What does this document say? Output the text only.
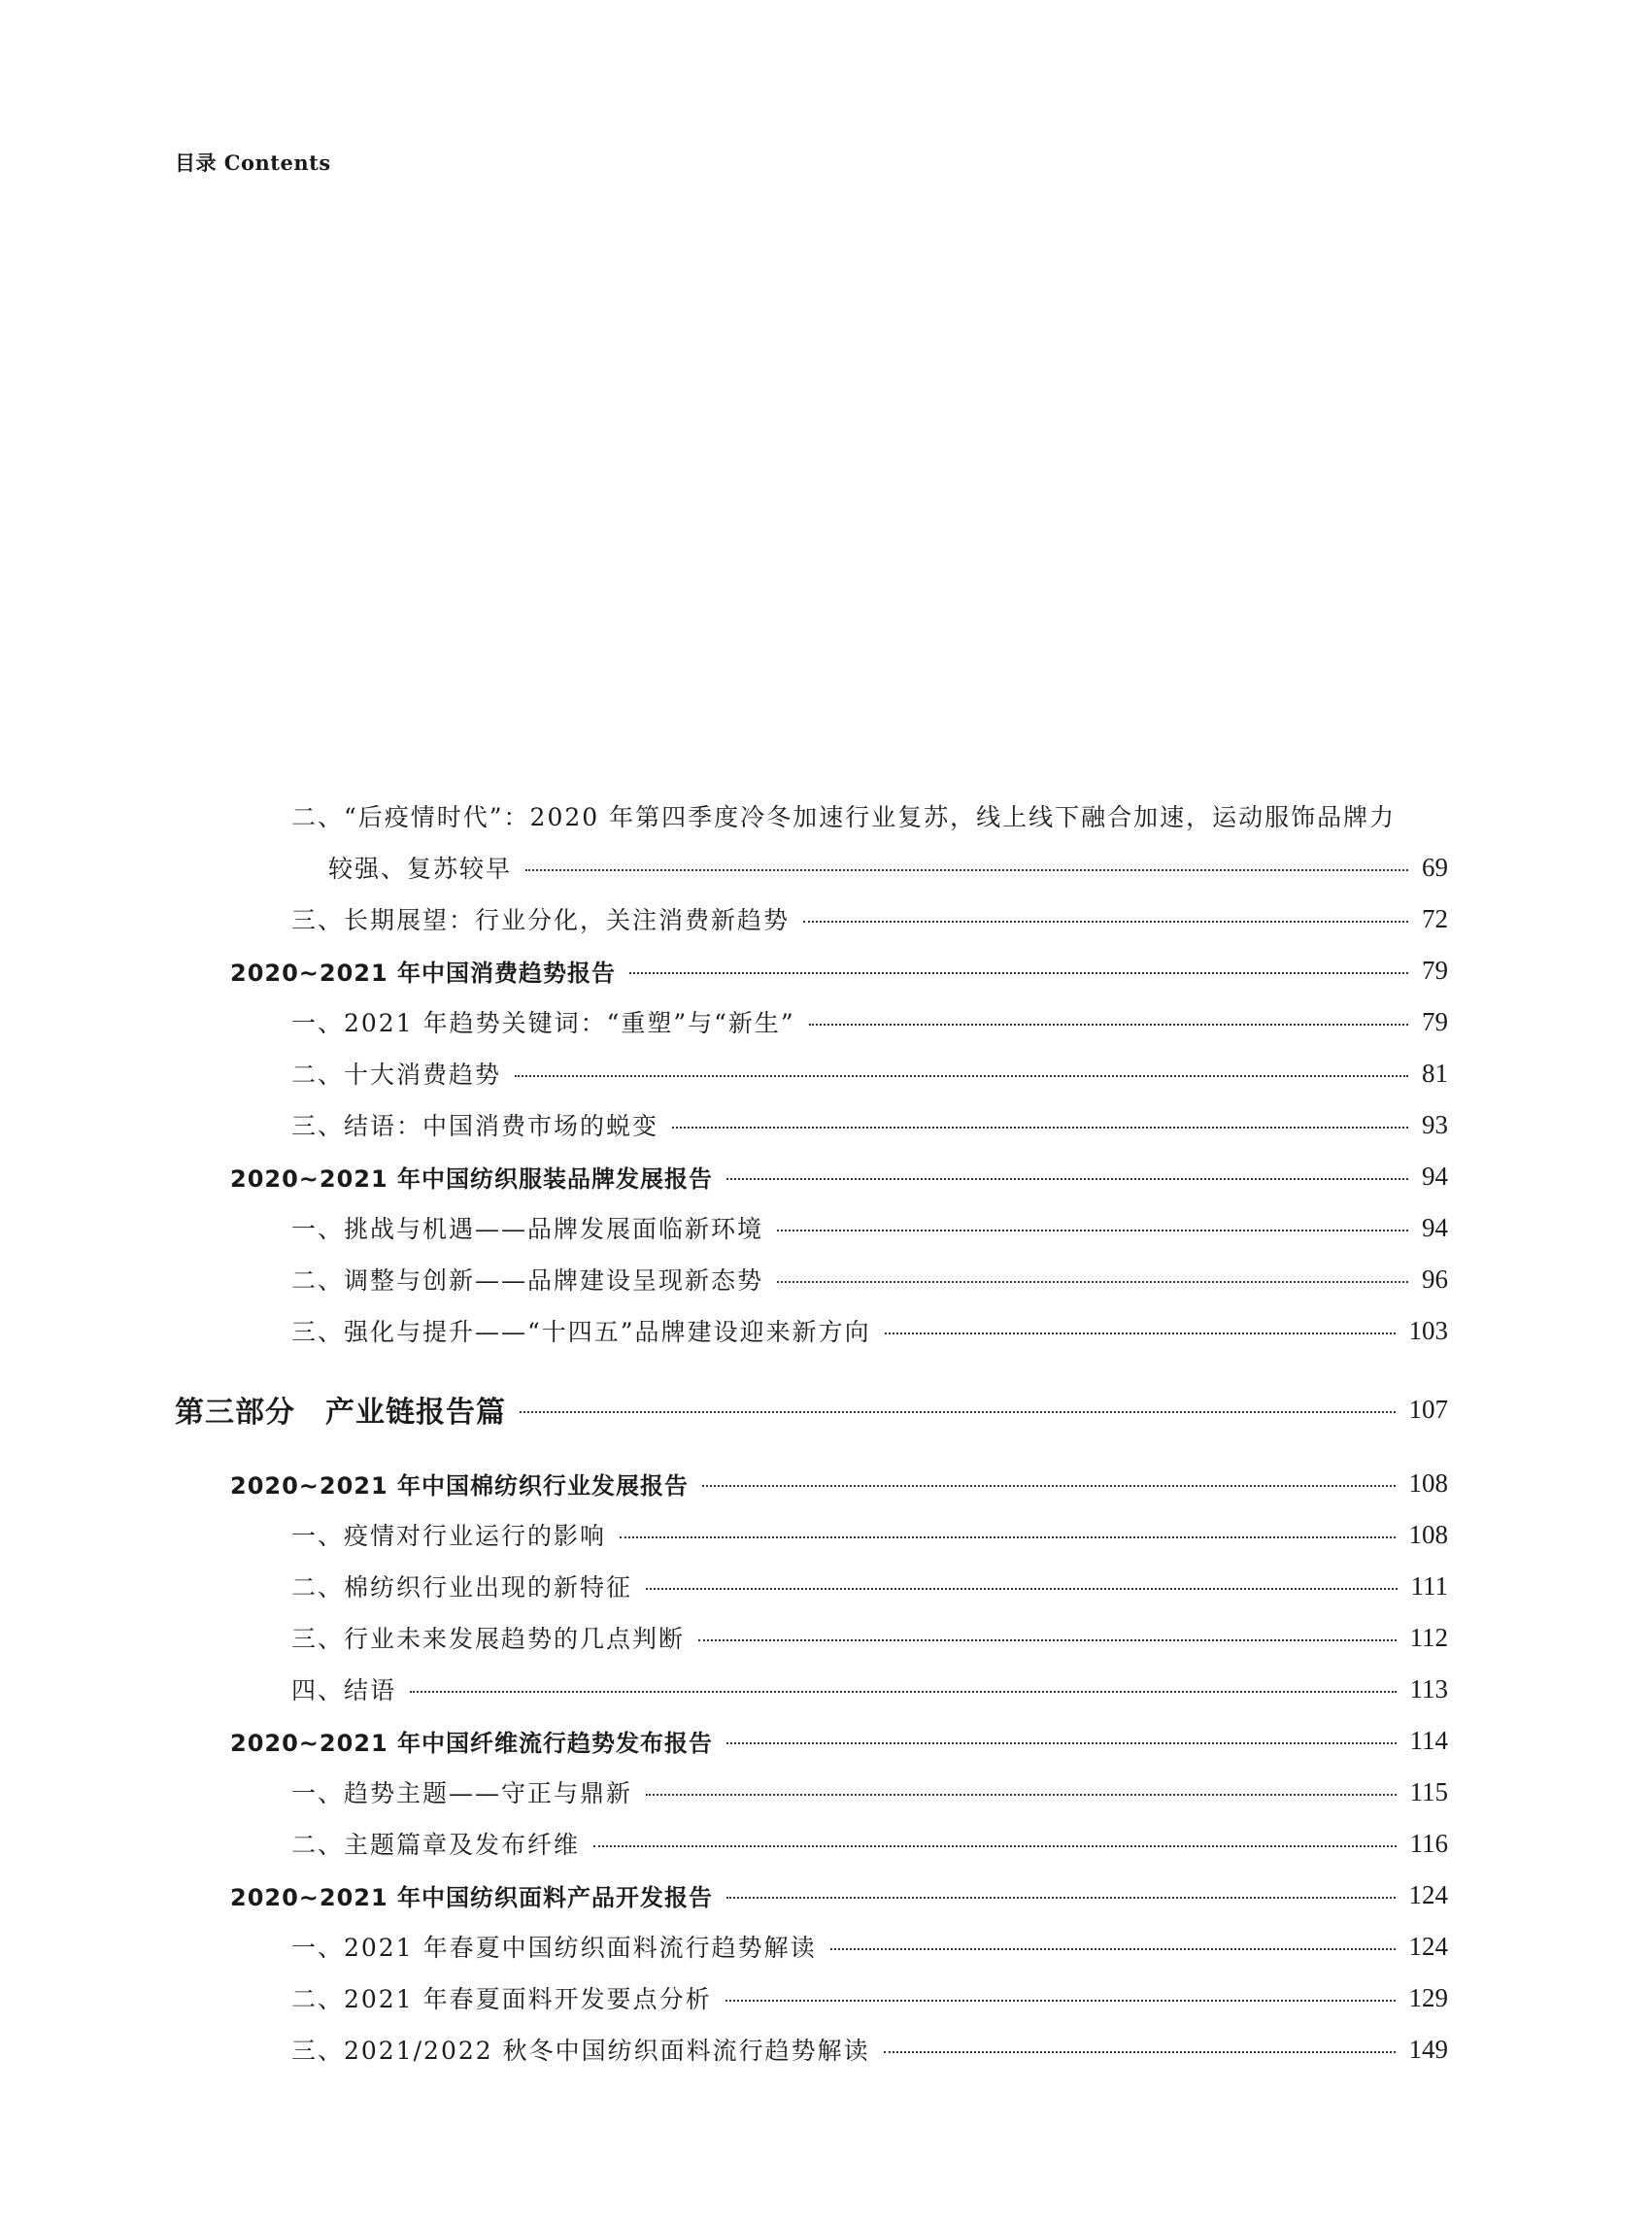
目录 Contents
二、“后疫情时代”：2020 年第四季度冷冬加速行业复苏，线上线下融合加速，运动服饰品牌力
较强、复苏较早	69
三、长期展望：行业分化，关注消费新趋势	72
2020~2021 年中国消费趋势报告	79
一、2021 年趋势关键词：“重塑”与“新生”	79
二、十大消费趋势	81
三、结语：中国消费市场的蜕变	93
2020~2021 年中国纺织服装品牌发展报告	94
一、挑战与机遇——品牌发展面临新环境	94
二、调整与创新——品牌建设呈现新态势	96
三、强化与提升——“十四五”品牌建设迎来新方向	103
第三部分　产业链报告篇	107
2020~2021 年中国棉纺织行业发展报告	108
一、疫情对行业运行的影响	108
二、棉纺织行业出现的新特征	111
三、行业未来发展趋势的几点判断	112
四、结语	113
2020~2021 年中国纤维流行趋势发布报告	114
一、趋势主题——守正与鼎新	115
二、主题篇章及发布纤维	116
2020~2021 年中国纺织面料产品开发报告	124
一、2021 年春夏中国纺织面料流行趋势解读	124
二、2021 年春夏面料开发要点分析	129
三、2021/2022 秋冬中国纺织面料流行趋势解读	149
